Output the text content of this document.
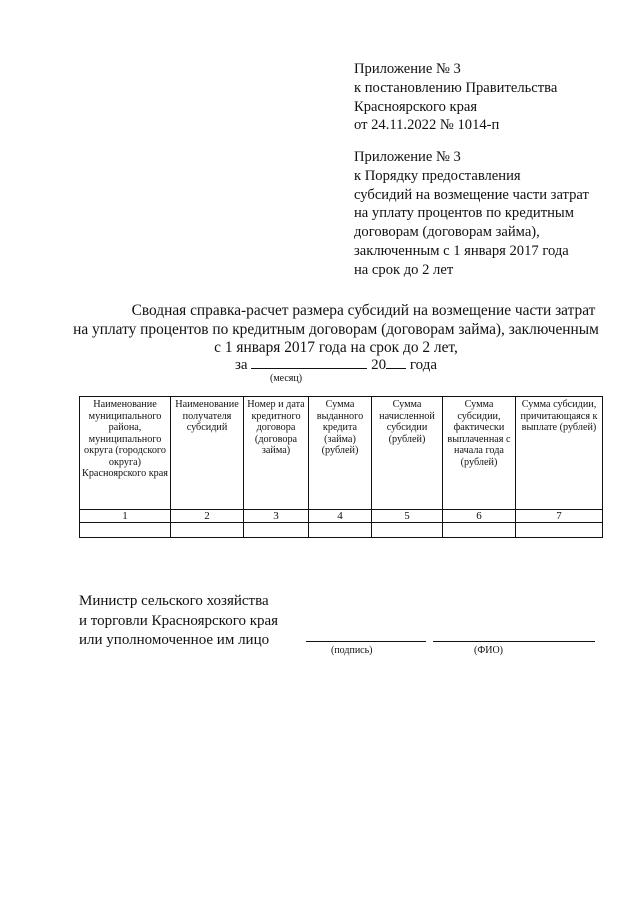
Приложение № 3
к постановлению Правительства
Красноярского края
от 24.11.2022 № 1014-п
Приложение № 3
к Порядку предоставления
субсидий на возмещение части затрат
на уплату процентов по кредитным
договорам (договорам займа),
заключенным с 1 января 2017 года
на срок до 2 лет
Сводная справка-расчет размера субсидий на возмещение части затрат
на уплату процентов по кредитным договорам (договорам займа), заключенным
с 1 января 2017 года на срок до 2 лет,
за	20 года
(месяц)
Наименование муниципального района, муниципального округа (городского округа) Красноярского края	Наименование получателя субсидий	Номер и дата кредитного договора (договора займа)	Сумма выданного кредита (займа) (рублей)	Сумма начисленной субсидии (рублей)	Сумма субсидии, фактически выплаченная с начала года (рублей)	Сумма субсидии, причитающаяся к выплате (рублей)
1	2	3	4	5	6	7

Министр сельского хозяйства
и торговли Красноярского края
или уполномоченное им лицо
(подпись)	(ФИО)
